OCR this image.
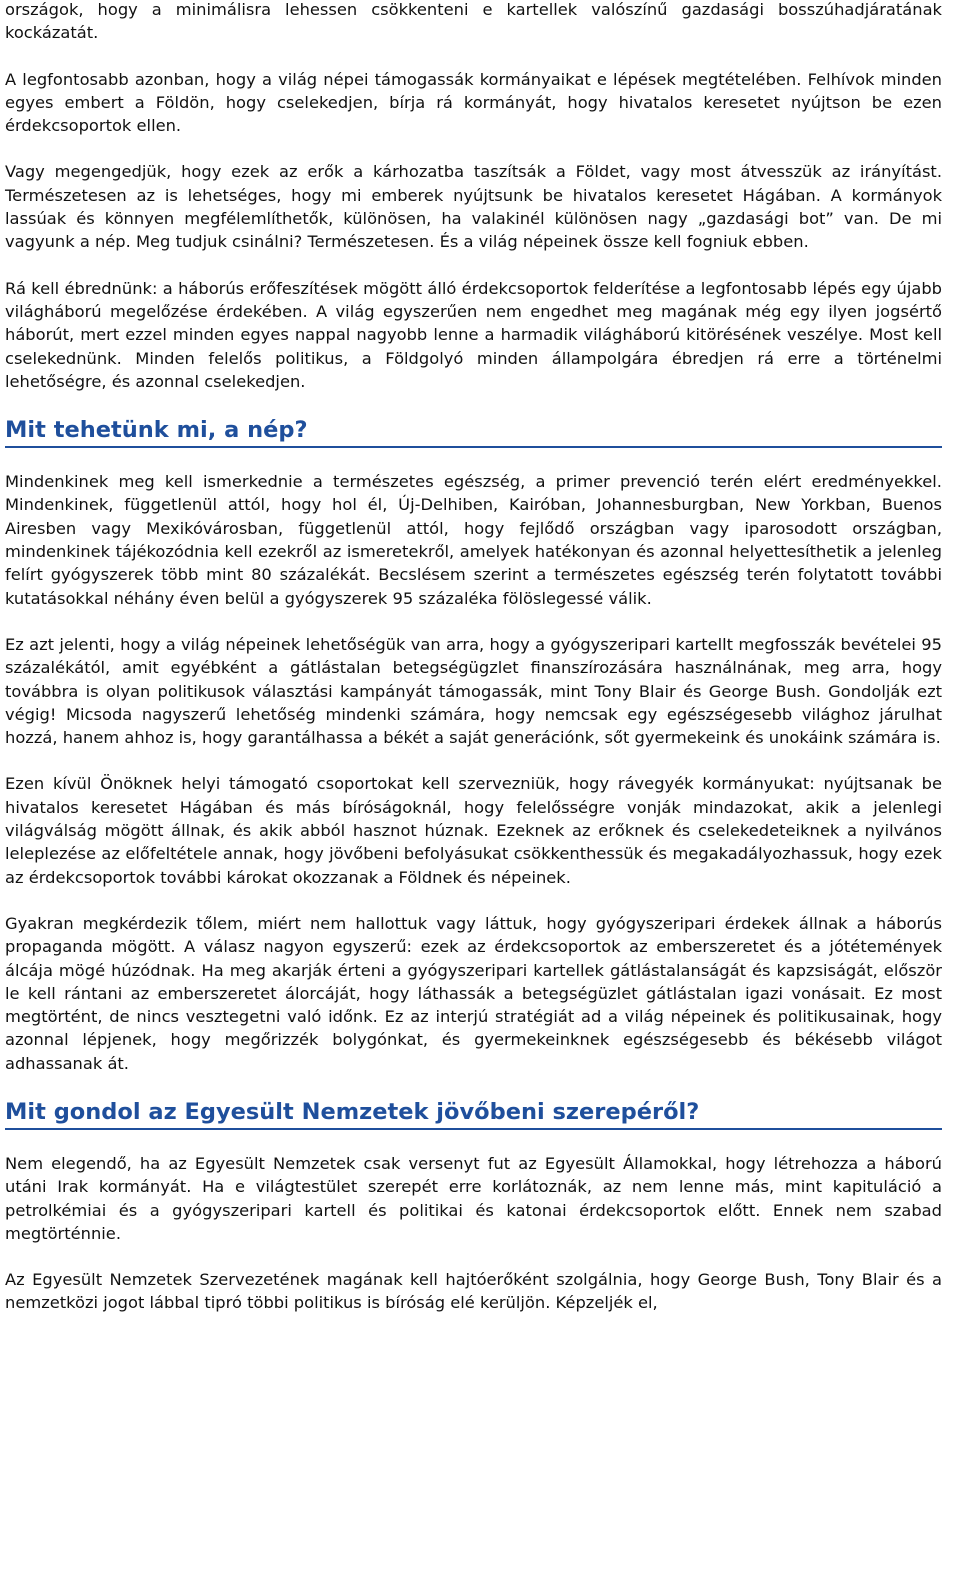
országok, hogy a minimálisra lehessen csökkenteni e kartellek valószínű gazdasági bosszúhadjáratának kockázatát.

A legfontosabb azonban, hogy a világ népei támogassák kormányaikat e lépések megtételében. Felhívok minden egyes embert a Földön, hogy cselekedjen, bírja rá kormányát, hogy hivatalos keresetet nyújtson be ezen érdekcsoportok ellen.

Vagy megengedjük, hogy ezek az erők a kárhozatba taszítsák a Földet, vagy most átvesszük az irányítást. Természetesen az is lehetséges, hogy mi emberek nyújtsunk be hivatalos keresetet Hágában. A kormányok lassúak és könnyen megfélemlíthetők, különösen, ha valakinél különösen nagy „gazdasági bot” van. De mi vagyunk a nép. Meg tudjuk csinálni? Természetesen. És a világ népeinek össze kell fogniuk ebben.

Rá kell ébrednünk: a háborús erőfeszítések mögött álló érdekcsoportok felderítése a legfontosabb lépés egy újabb világháború megelőzése érdekében. A világ egyszerűen nem engedhet meg magának még egy ilyen jogsértő háborút, mert ezzel minden egyes nappal nagyobb lenne a harmadik világháború kitörésének veszélye. Most kell cselekednünk. Minden felelős politikus, a Földgolyó minden állampolgára ébredjen rá erre a történelmi lehetőségre, és azonnal cselekedjen.

Mit tehetünk mi, a nép?

Mindenkinek meg kell ismerkednie a természetes egészség, a primer prevenció terén elért eredményekkel. Mindenkinek, függetlenül attól, hogy hol él, Új-Delhiben, Kairóban, Johannesburgban, New Yorkban, Buenos Airesben vagy Mexikóvárosban, függetlenül attól, hogy fejlődő országban vagy iparosodott országban, mindenkinek tájékozódnia kell ezekről az ismeretekről, amelyek hatékonyan és azonnal helyettesíthetik a jelenleg felírt gyógyszerek több mint 80 százalékát. Becslésem szerint a természetes egészség terén folytatott további kutatásokkal néhány éven belül a gyógyszerek 95 százaléka fölöslegessé válik.

Ez azt jelenti, hogy a világ népeinek lehetőségük van arra, hogy a gyógyszeripari kartellt megfosszák bevételei 95 százalékától, amit egyébként a gátlástalan betegségügzlet finanszírozására használnának, meg arra, hogy továbbra is olyan politikusok választási kampányát támogassák, mint Tony Blair és George Bush. Gondolják ezt végig! Micsoda nagyszerű lehetőség mindenki számára, hogy nemcsak egy egészségesebb világhoz járulhat hozzá, hanem ahhoz is, hogy garantálhassa a békét a saját generációnk, sőt gyermekeink és unokáink számára is.

Ezen kívül Önöknek helyi támogató csoportokat kell szervezniük, hogy rávegyék kormányukat: nyújtsanak be hivatalos keresetet Hágában és más bíróságoknál, hogy felelősségre vonják mindazokat, akik a jelenlegi világválság mögött állnak, és akik abból hasznot húznak. Ezeknek az erőknek és cselekedeteiknek a nyilvános leleplezése az előfeltétele annak, hogy jövőbeni befolyásukat csökkenthessük és megakadályozhassuk, hogy ezek az érdekcsoportok további károkat okozzanak a Földnek és népeinek.

Gyakran megkérdezik tőlem, miért nem hallottuk vagy láttuk, hogy gyógyszeripari érdekek állnak a háborús propaganda mögött. A válasz nagyon egyszerű: ezek az érdekcsoportok az emberszeretet és a jótétemények álcája mögé húzódnak. Ha meg akarják érteni a gyógyszeripari kartellek gátlástalanságát és kapzsiságát, először le kell rántani az emberszeretet álorcáját, hogy láthassák a betegségüzlet gátlástalan igazi vonásait. Ez most megtörtént, de nincs vesztegetni való időnk. Ez az interjú stratégiát ad a világ népeinek és politikusainak, hogy azonnal lépjenek, hogy megőrizzék bolygónkat, és gyermekeinknek egészségesebb és békésebb világot adhassanak át.

Mit gondol az Egyesült Nemzetek jövőbeni szerepéről?

Nem elegendő, ha az Egyesült Nemzetek csak versenyt fut az Egyesült Államokkal, hogy létrehozza a háború utáni Irak kormányát. Ha e világtestület szerepét erre korlátoznák, az nem lenne más, mint kapituláció a petrolkémiai és a gyógyszeripari kartell és politikai és katonai érdekcsoportok előtt. Ennek nem szabad megtörténnie.

Az Egyesült Nemzetek Szervezetének magának kell hajtóerőként szolgálnia, hogy George Bush, Tony Blair és a nemzetközi jogot lábbal tipró többi politikus is bíróság elé kerüljön. Képzeljék el,
